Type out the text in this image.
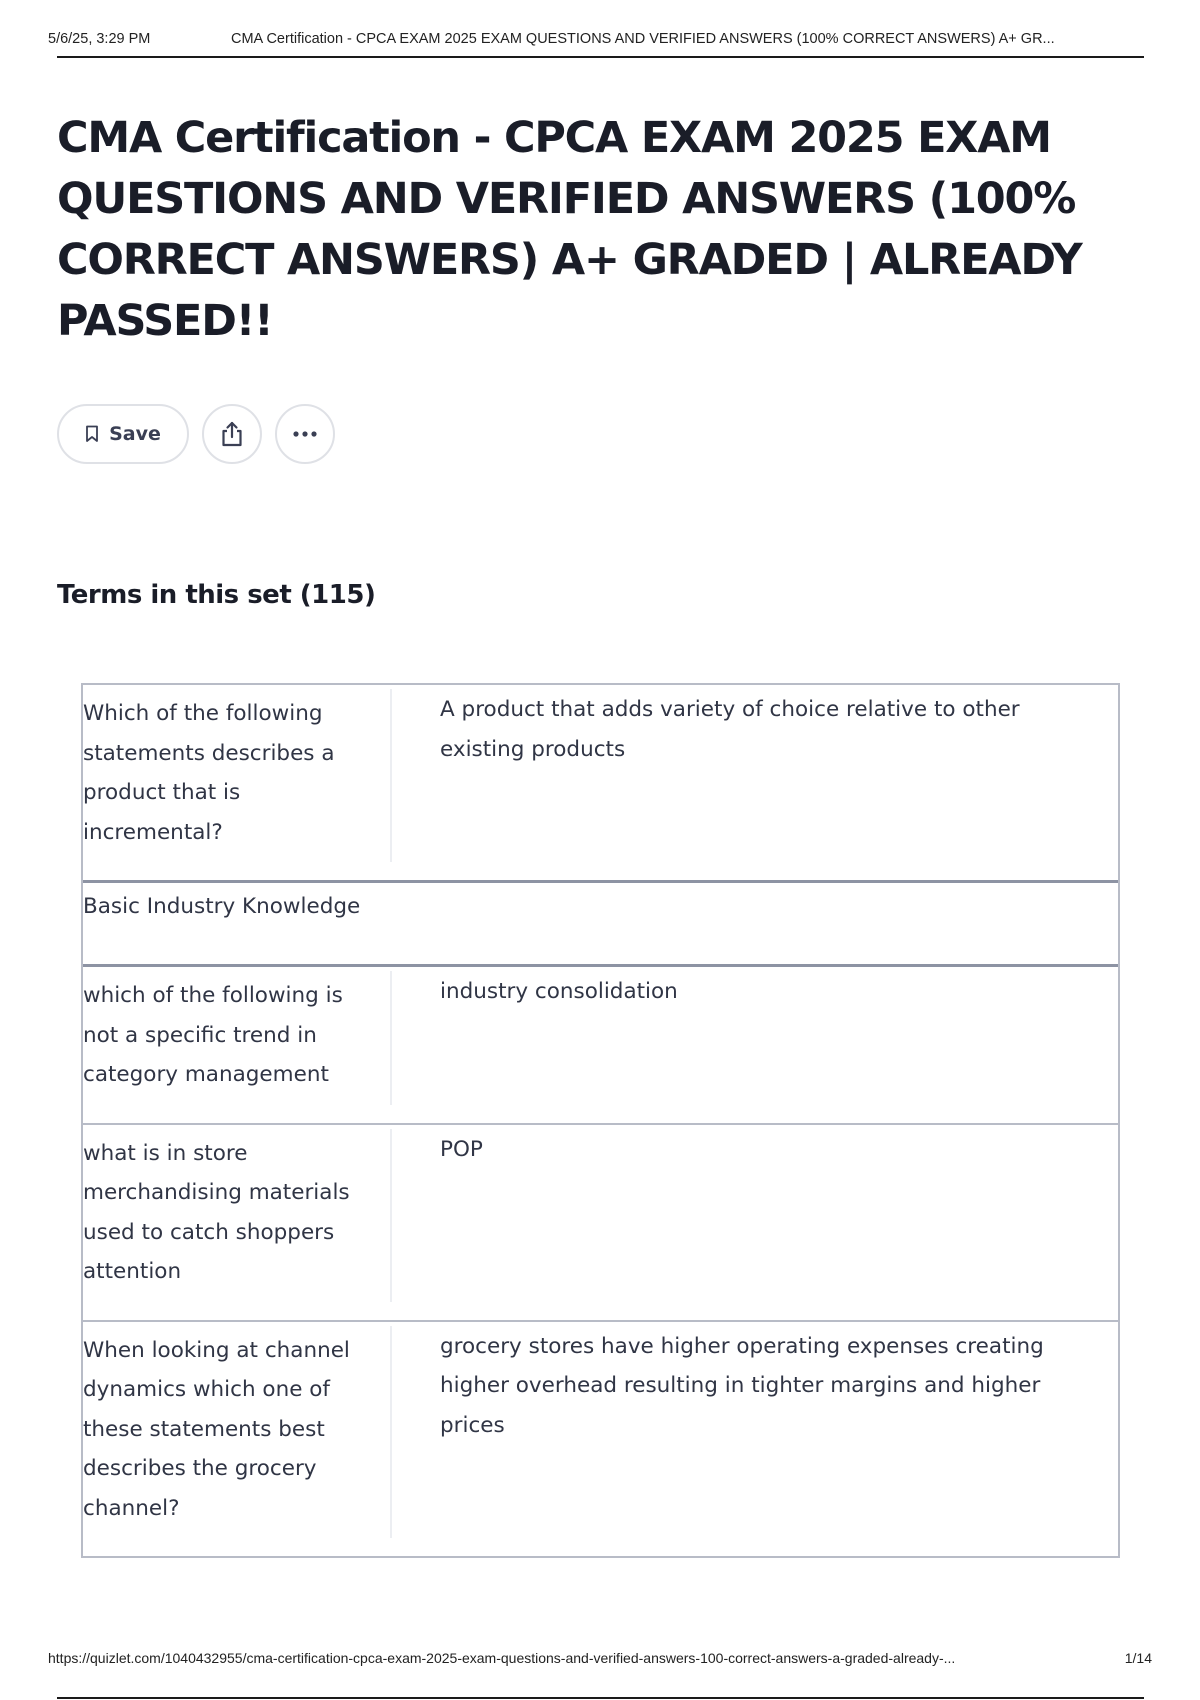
5/6/25, 3:29 PM	CMA Certification - CPCA EXAM 2025 EXAM QUESTIONS AND VERIFIED ANSWERS (100% CORRECT ANSWERS) A+ GR...
CMA Certification - CPCA EXAM 2025 EXAM QUESTIONS AND VERIFIED ANSWERS (100% CORRECT ANSWERS) A+ GRADED | ALREADY PASSED!!
Save
Terms in this set (115)
Which of the following statements describes a product that is incremental?
A product that adds variety of choice relative to other existing products
Basic Industry Knowledge
which of the following is not a specific trend in category management
industry consolidation
what is in store merchandising materials used to catch shoppers attention
POP
When looking at channel dynamics which one of these statements best describes the grocery channel?
grocery stores have higher operating expenses creating higher overhead resulting in tighter margins and higher prices
https://quizlet.com/1040432955/cma-certification-cpca-exam-2025-exam-questions-and-verified-answers-100-correct-answers-a-graded-already-...	1/14
